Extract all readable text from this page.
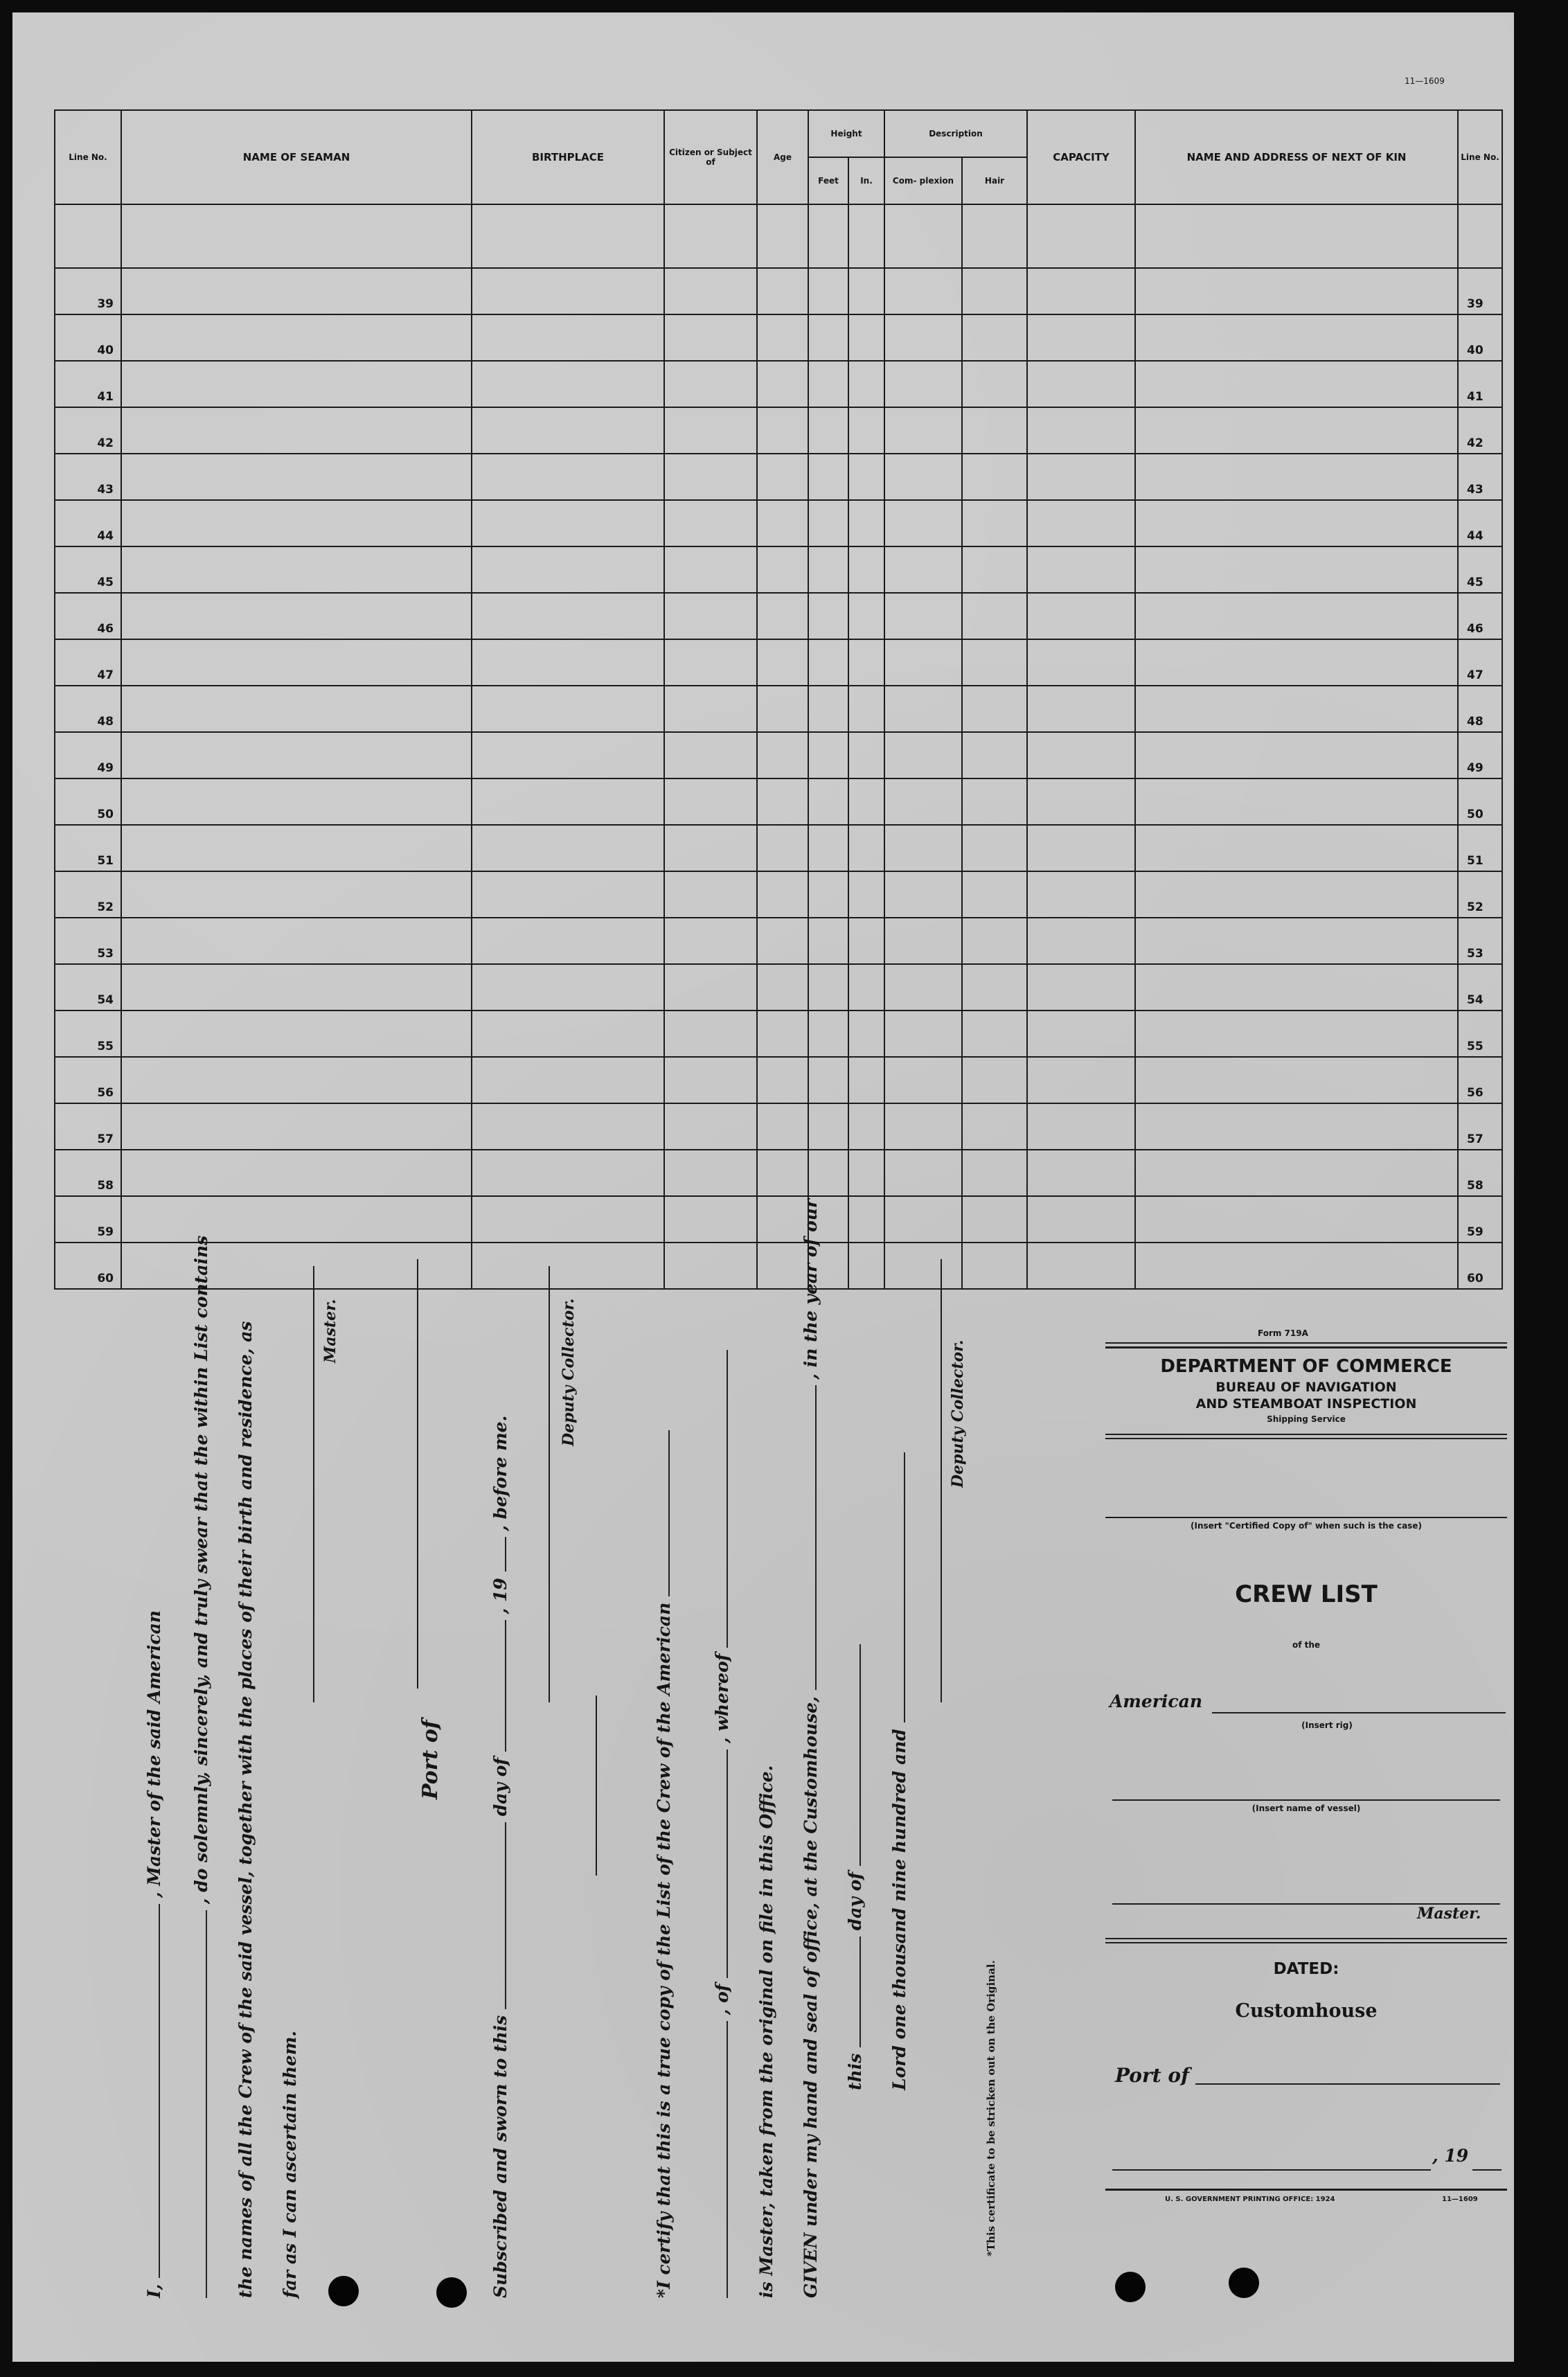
11—1609
Line No.	NAME OF SEAMAN	BIRTHPLACE	Citizen or Subject of	Age	Height		Description		CAPACITY	NAME AND ADDRESS OF NEXT OF KIN	Line No.
					Feet	In.	Com- plexion	Hair			

39											39
40											40
41											41
42											42
43											43
44											44
45											45
46											46
47											47
48											48
49											49
50											50
51											51
52											52
53											53
54											54
55											55
56											56
57											57
58											58
59											59
60											60
I,  , Master of the said American , do solemnly, sincerely, and truly swear that the within List contains the names of all the Crew of the said vessel, together with the places of their birth and residence, as far as I can ascertain them.
Master.
Port of
Subscribed and sworn to this  day of  , 19  , before me.
Deputy Collector.
*I certify that this is a true copy of the List of the Crew of the American , of  , whereof
is Master, taken from the original on file in this Office. GIVEN under my hand and seal of office, at the Customhouse,  , in the year of our
this  day of Lord one thousand nine hundred and
Deputy Collector.
*This certificate to be stricken out on the Original.
Form 719A
DEPARTMENT OF COMMERCE
BUREAU OF NAVIGATION
AND STEAMBOAT INSPECTION
Shipping Service
(Insert "Certified Copy of" when such is the case)
CREW LIST
of the
American
(Insert rig)
(Insert name of vessel)
Master.
DATED:
Customhouse
Port of
, 19
U. S. GOVERNMENT PRINTING OFFICE: 1924	11—1609
